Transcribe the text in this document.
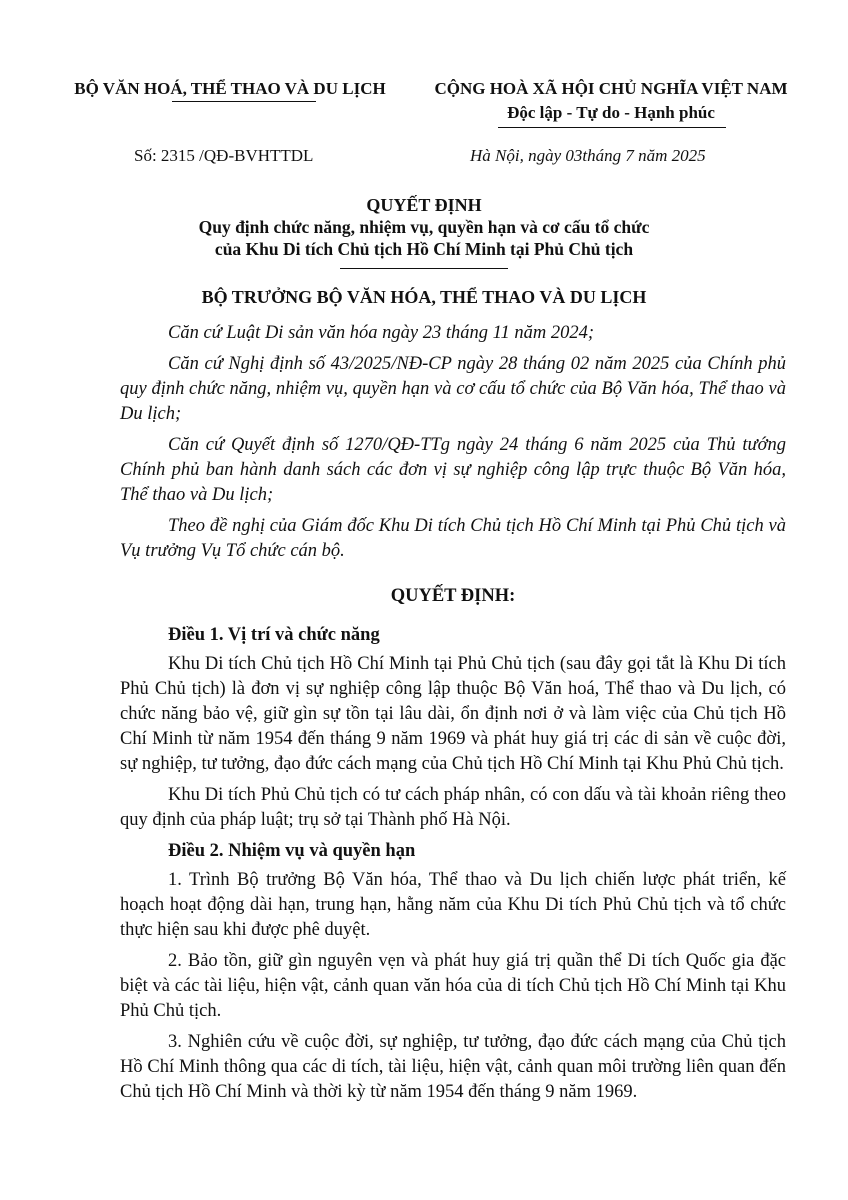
BỘ VĂN HOÁ, THỂ THAO VÀ DU LỊCH	CỘNG HOÀ XÃ HỘI CHỦ NGHĨA VIỆT NAM
Độc lập - Tự do - Hạnh phúc
Số: 2315 /QĐ-BVHTTDL	Hà Nội, ngày 03tháng 7 năm 2025
QUYẾT ĐỊNH
Quy định chức năng, nhiệm vụ, quyền hạn và cơ cấu tổ chức
của Khu Di tích Chủ tịch Hồ Chí Minh tại Phủ Chủ tịch
BỘ TRƯỞNG BỘ VĂN HÓA, THỂ THAO VÀ DU LỊCH

Căn cứ Luật Di sản văn hóa ngày 23 tháng 11 năm 2024;

Căn cứ Nghị định số 43/2025/NĐ-CP ngày 28 tháng 02 năm 2025 của Chính phủ quy định chức năng, nhiệm vụ, quyền hạn và cơ cấu tổ chức của Bộ Văn hóa, Thể thao và Du lịch;

Căn cứ Quyết định số 1270/QĐ-TTg ngày 24 tháng 6 năm 2025 của Thủ tướng Chính phủ ban hành danh sách các đơn vị sự nghiệp công lập trực thuộc Bộ Văn hóa, Thể thao và Du lịch;

Theo đề nghị của Giám đốc Khu Di tích Chủ tịch Hồ Chí Minh tại Phủ Chủ tịch và Vụ trưởng Vụ Tổ chức cán bộ.

QUYẾT ĐỊNH:

Điều 1. Vị trí và chức năng

Khu Di tích Chủ tịch Hồ Chí Minh tại Phủ Chủ tịch (sau đây gọi tắt là Khu Di tích Phủ Chủ tịch) là đơn vị sự nghiệp công lập thuộc Bộ Văn hoá, Thể thao và Du lịch, có chức năng bảo vệ, giữ gìn sự tồn tại lâu dài, ổn định nơi ở và làm việc của Chủ tịch Hồ Chí Minh từ năm 1954 đến tháng 9 năm 1969 và phát huy giá trị các di sản về cuộc đời, sự nghiệp, tư tưởng, đạo đức cách mạng của Chủ tịch Hồ Chí Minh tại Khu Phủ Chủ tịch.

Khu Di tích Phủ Chủ tịch có tư cách pháp nhân, có con dấu và tài khoản riêng theo quy định của pháp luật; trụ sở tại Thành phố Hà Nội.

Điều 2. Nhiệm vụ và quyền hạn

1. Trình Bộ trưởng Bộ Văn hóa, Thể thao và Du lịch chiến lược phát triển, kế hoạch hoạt động dài hạn, trung hạn, hằng năm của Khu Di tích Phủ Chủ tịch và tổ chức thực hiện sau khi được phê duyệt.

2. Bảo tồn, giữ gìn nguyên vẹn và phát huy giá trị quần thể Di tích Quốc gia đặc biệt và các tài liệu, hiện vật, cảnh quan văn hóa của di tích Chủ tịch Hồ Chí Minh tại Khu Phủ Chủ tịch.

3. Nghiên cứu về cuộc đời, sự nghiệp, tư tưởng, đạo đức cách mạng của Chủ tịch Hồ Chí Minh thông qua các di tích, tài liệu, hiện vật, cảnh quan môi trường liên quan đến Chủ tịch Hồ Chí Minh và thời kỳ từ năm 1954 đến tháng 9 năm 1969.
